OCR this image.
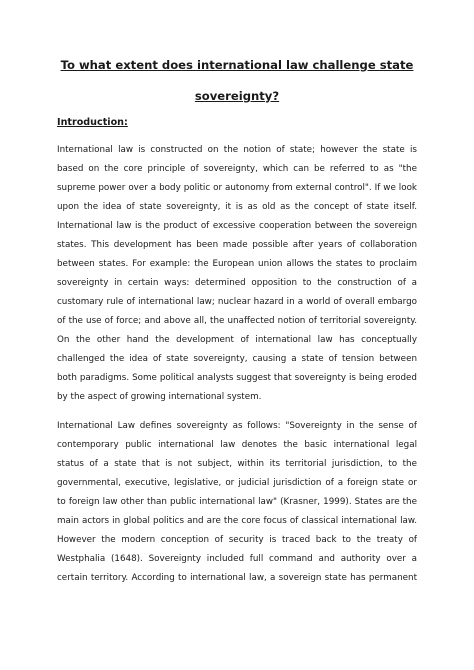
To what extent does international law challenge state
sovereignty?
Introduction:
International law is constructed on the notion of state; however the state is
based on the core principle of sovereignty, which can be referred to as "the
supreme power over a body politic or autonomy from external control". If we look
upon the idea of state sovereignty, it is as old as the concept of state itself.
International law is the product of excessive cooperation between the sovereign
states. This development has been made possible after years of collaboration
between states. For example: the European union allows the states to proclaim
sovereignty in certain ways: determined opposition to the construction of a
customary rule of international law; nuclear hazard in a world of overall embargo
of the use of force; and above all, the unaffected notion of territorial sovereignty.
On the other hand the development of international law has conceptually
challenged the idea of state sovereignty, causing a state of tension between
both paradigms. Some political analysts suggest that sovereignty is being eroded
by the aspect of growing international system.
International Law defines sovereignty as follows: "Sovereignty in the sense of
contemporary public international law denotes the basic international legal
status of a state that is not subject, within its territorial jurisdiction, to the
governmental, executive, legislative, or judicial jurisdiction of a foreign state or
to foreign law other than public international law" (Krasner, 1999). States are the
main actors in global politics and are the core focus of classical international law.
However the modern conception of security is traced back to the treaty of
Westphalia (1648). Sovereignty included full command and authority over a
certain territory. According to international law, a sovereign state has permanent
